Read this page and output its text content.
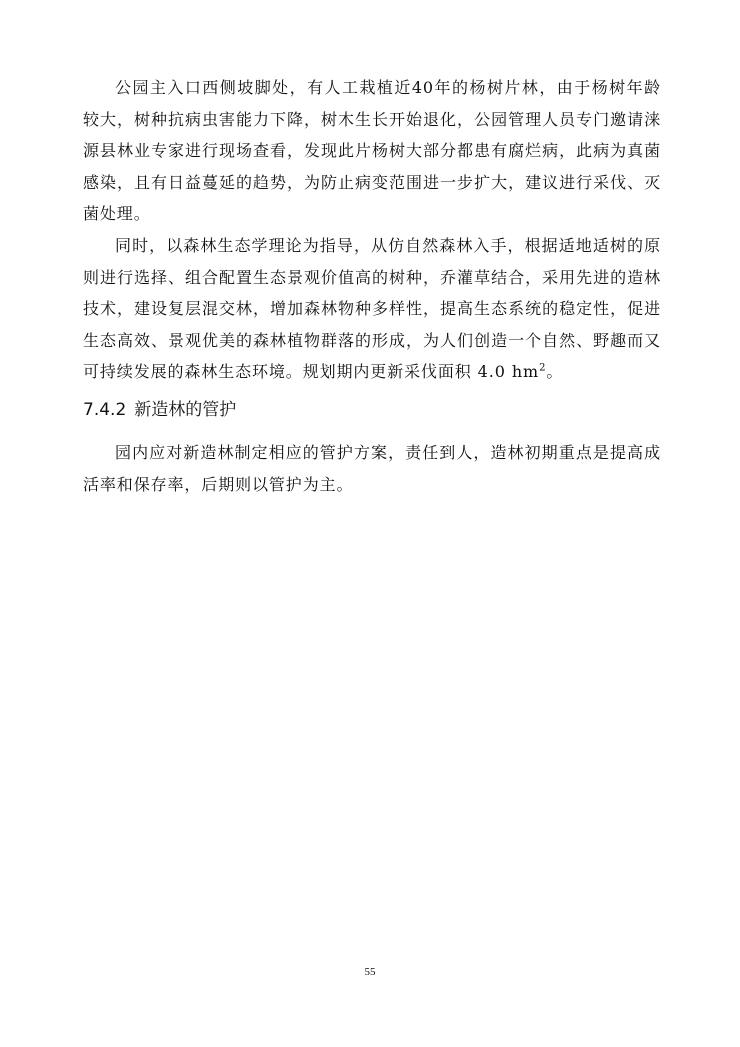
公园主入口西侧坡脚处，有人工栽植近40年的杨树片林，由于杨树年龄较大，树种抗病虫害能力下降，树木生长开始退化，公园管理人员专门邀请涞源县林业专家进行现场查看，发现此片杨树大部分都患有腐烂病，此病为真菌感染，且有日益蔓延的趋势，为防止病变范围进一步扩大，建议进行采伐、灭菌处理。

同时，以森林生态学理论为指导，从仿自然森林入手，根据适地适树的原则进行选择、组合配置生态景观价值高的树种，乔灌草结合，采用先进的造林技术，建设复层混交林，增加森林物种多样性，提高生态系统的稳定性，促进生态高效、景观优美的森林植物群落的形成，为人们创造一个自然、野趣而又可持续发展的森林生态环境。规划期内更新采伐面积 4.0 $hm^2$。

7.4.2 新造林的管护

园内应对新造林制定相应的管护方案，责任到人，造林初期重点是提高成活率和保存率，后期则以管护为主。

55
